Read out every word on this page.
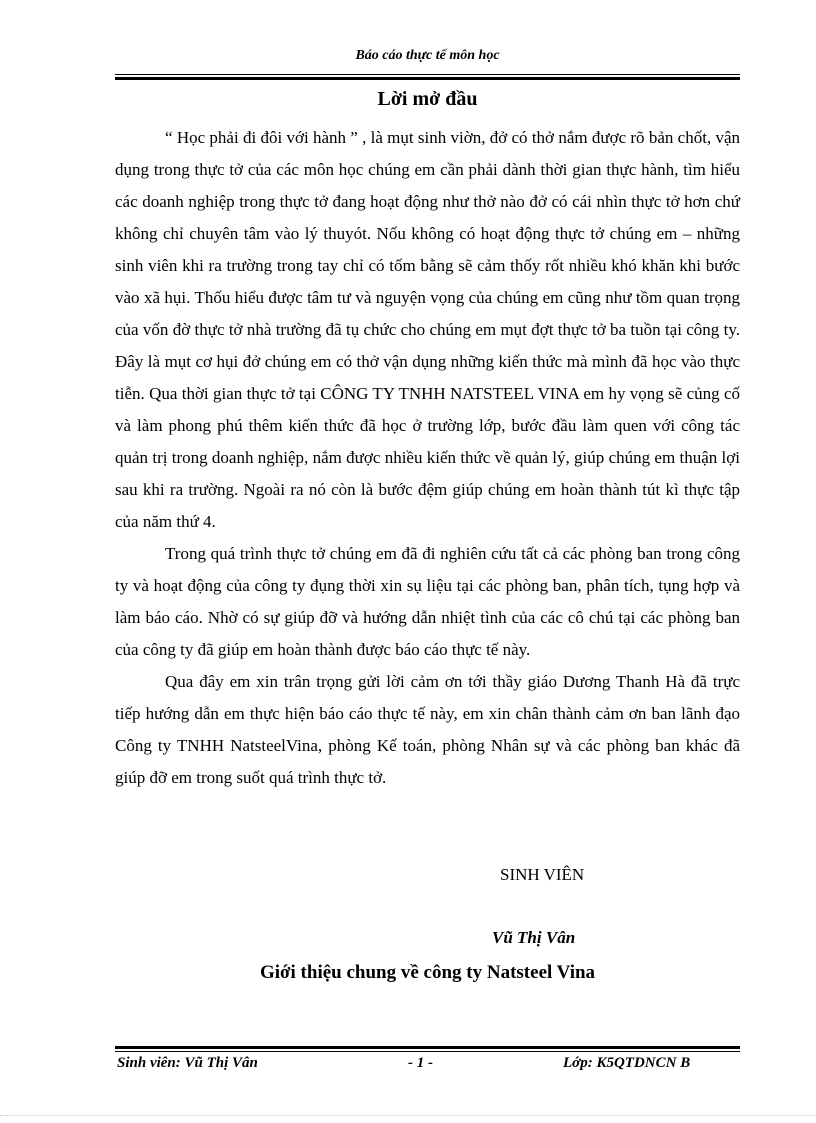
Báo cáo thực tế môn học

Lời mở đầu

“ Học phải đi đôi với hành ” , là mụt sinh viờn, đở có thở nắm được rõ bản chốt, vận dụng trong thực tở của các môn học chúng em cần phải dành thời gian thực hành, tìm hiểu các doanh nghiệp trong thực tở đang hoạt động như thở nào đở có cái nhìn thực tở hơn chứ không chỉ chuyên tâm vào lý thuyót. Nốu không có hoạt động thực tở chúng em – những sinh viên khi ra trường trong tay chỉ có tốm bằng sẽ cảm thốy rốt nhiều khó khăn khi bước vào xã hụi. Thốu hiểu được tâm tư và nguyện vọng của chúng em cũng như tồm quan trọng của vốn đờ thực tở nhà trường đã tụ chức cho chúng em mụt đợt thực tở ba tuồn tại công ty. Đây là mụt cơ hụi đở chúng em có thở vận dụng những kiến thức mà mình đã học vào thực tiễn. Qua thời gian thực tở tại CÔNG TY TNHH NATSTEEL VINA em hy vọng sẽ củng cố và làm phong phú thêm kiến thức đã học ở trường lớp, bước đầu làm quen với công tác quản trị trong doanh nghiệp, nắm được nhiều kiến thức về quản lý, giúp chúng em thuận lợi sau khi ra trường. Ngoài ra nó còn là bước đệm giúp chúng em hoàn thành tút kì thực tập của năm thứ 4.

Trong quá trình thực tở chúng em đã đi nghiên cứu tất cả các phòng ban trong công ty và hoạt động của công ty đụng thời xin sụ liệu tại các phòng ban, phân tích, tụng hợp và làm báo cáo. Nhờ có sự giúp đỡ và hướng dẫn nhiệt tình của các cô chú tại các phòng ban của công ty đã giúp em hoàn thành được báo cáo thực tế này.

Qua đây em xin trân trọng gửi lời cảm ơn tới thầy giáo Dương Thanh Hà đã trực tiếp hướng dẫn em thực hiện báo cáo thực tế này, em xin chân thành cảm ơn ban lãnh đạo Công ty TNHH NatsteelVina, phòng Kế toán, phòng Nhân sự và các phòng ban khác đã giúp đỡ em trong suốt quá trình thực tở.

SINH VIÊN

Vũ Thị Vân

Giới thiệu chung về công ty Natsteel Vina

Sinh viên: Vũ Thị Vân	- 1 -	Lớp: K5QTDNCN B
